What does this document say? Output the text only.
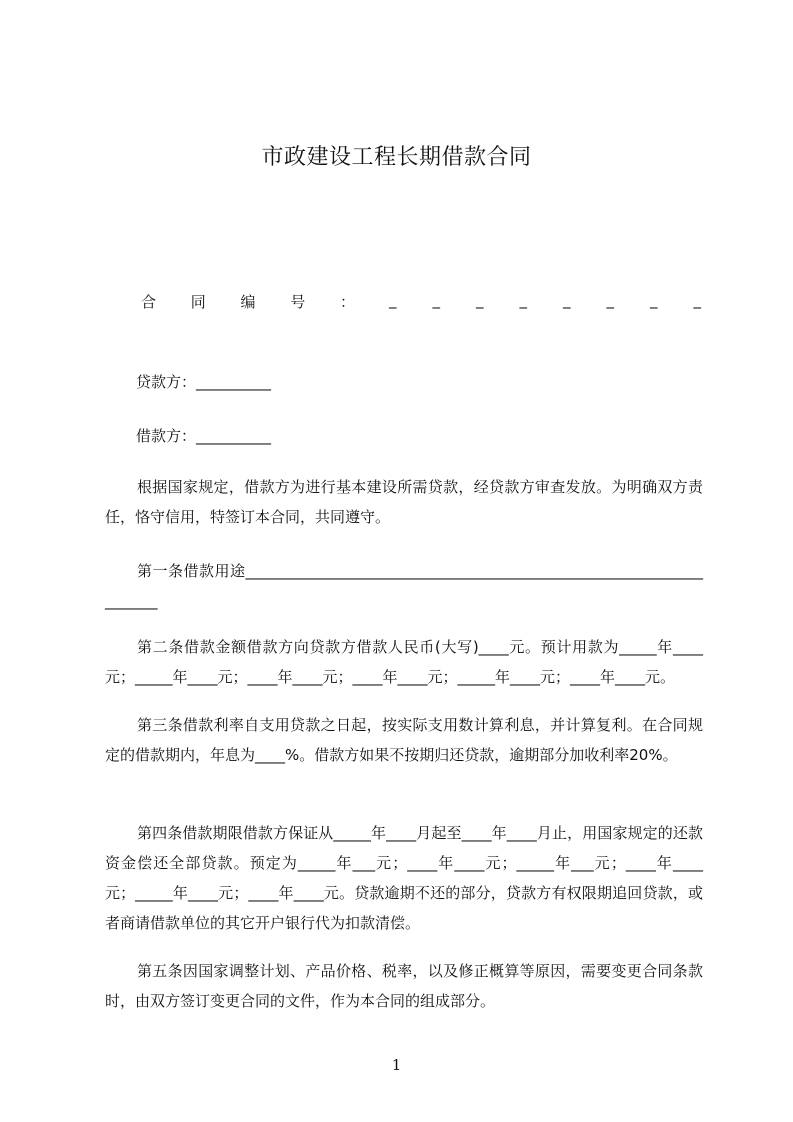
市政建设工程长期借款合同
合 同 编 号 ： _ _ _ _ _ _ _ _
贷款方：__________
借款方：__________

根据国家规定，借款方为进行基本建设所需贷款，经贷款方审查发放。为明确双方责任，恪守信用，特签订本合同，共同遵守。

第一条借款用途____________________________________________________________________

第二条借款金额借款方向贷款方借款人民币(大写)____元。预计用款为_____年____元；_____年____元；____年____元；____年____元；_____年____元；____年____元。

第三条借款利率自支用贷款之日起，按实际支用数计算利息，并计算复利。在合同规定的借款期内，年息为____%。借款方如果不按期归还贷款，逾期部分加收利率20%。

第四条借款期限借款方保证从_____年____月起至____年____月止，用国家规定的还款资金偿还全部贷款。预定为_____年___元；____年____元；_____年___元；____年____元；_____年____元；____年____元。贷款逾期不还的部分，贷款方有权限期追回贷款，或者商请借款单位的其它开户银行代为扣款清偿。

第五条因国家调整计划、产品价格、税率，以及修正概算等原因，需要变更合同条款时，由双方签订变更合同的文件，作为本合同的组成部分。

1
